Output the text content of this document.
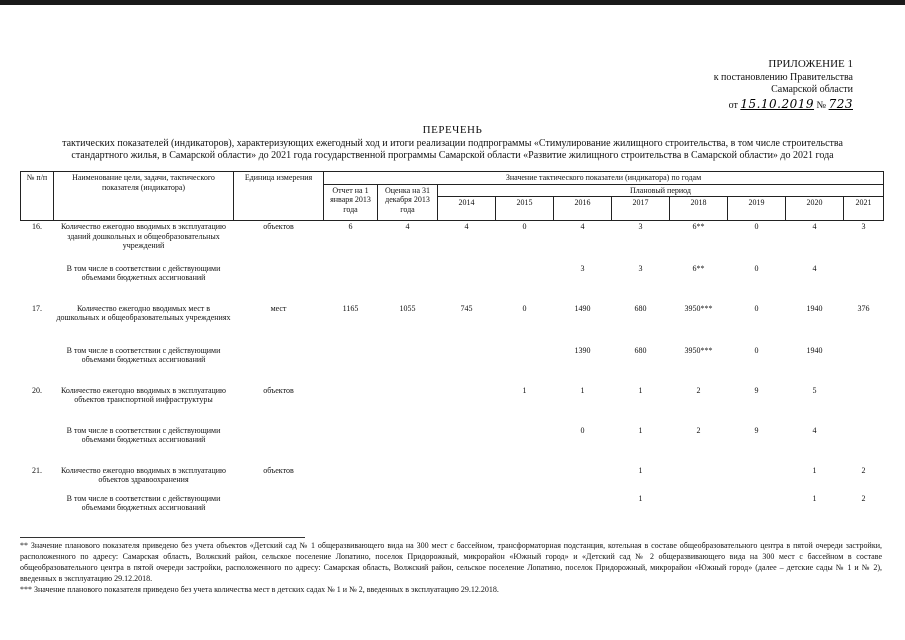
ПРИЛОЖЕНИЕ 1
к постановлению Правительства
Самарской области
от 15.10.2019 № 723
ПЕРЕЧЕНЬ
тактических показателей (индикаторов), характеризующих ежегодный ход и итоги реализации подпрограммы «Стимулирование жилищного строительства, в том числе строительства
стандартного жилья, в Самарской области» до 2021 года государственной программы Самарской области «Развитие жилищного строительства в Самарской области» до 2021 года
№ п/п	Наименование цели, задачи, тактического показателя (индикатора)	Единица измерения	Значение тактического показатели (индикатора) по годам									
			Отчет на 1 января 2013 года	Оценка на 31 декабря 2013 года	Плановый период							
					2014	2015	2016	2017	2018	2019	2020	2021
16.	Количество ежегодно вводимых в эксплуатацию зданий дошкольных и общеобразовательных учреждений	объектов	6	4	4	0	4	3	6**	0	4	3
	В том числе в соответствии с действующими объемами бюджетных ассигнований						3	3	6**	0	4	
17.	Количество ежегодно вводимых мест в дошкольных и общеобразовательных учреждениях	мест	1165	1055	745	0	1490	680	3950***	0	1940	376
	В том числе в соответствии с действующими объемами бюджетных ассигнований						1390	680	3950***	0	1940	
20.	Количество ежегодно вводимых в эксплуатацию объектов транспортной инфраструктуры	объектов				1	1	1	2	9	5	
	В том числе в соответствии с действующими объемами бюджетных ассигнований						0	1	2	9	4	
21.	Количество ежегодно вводимых в эксплуатацию объектов здравоохранения	объектов						1			1	2
	В том числе в соответствии с действующими объемами бюджетных ассигнований							1			1	2

** Значение планового показателя приведено без учета объектов «Детский сад № 1 общеразвивающего вида на 300 мест с бассейном, трансформаторная подстанция, котельная в составе общеобразовательного центра в пятой очереди застройки, расположенного по адресу: Самарская область, Волжский район, сельское поселение Лопатино, поселок Придорожный, микрорайон «Южный город» и «Детский сад № 2 общеразвивающего вида на 300 мест с бассейном в составе общеобразовательного центра в пятой очереди застройки, расположенного по адресу: Самарская область, Волжский район, сельское поселение Лопатино, поселок Придорожный, микрорайон «Южный город» (далее – детские сады № 1 и № 2), введенных в эксплуатацию 29.12.2018.

*** Значение планового показателя приведено без учета количества мест в детских садах № 1 и № 2, введенных в эксплуатацию 29.12.2018.
